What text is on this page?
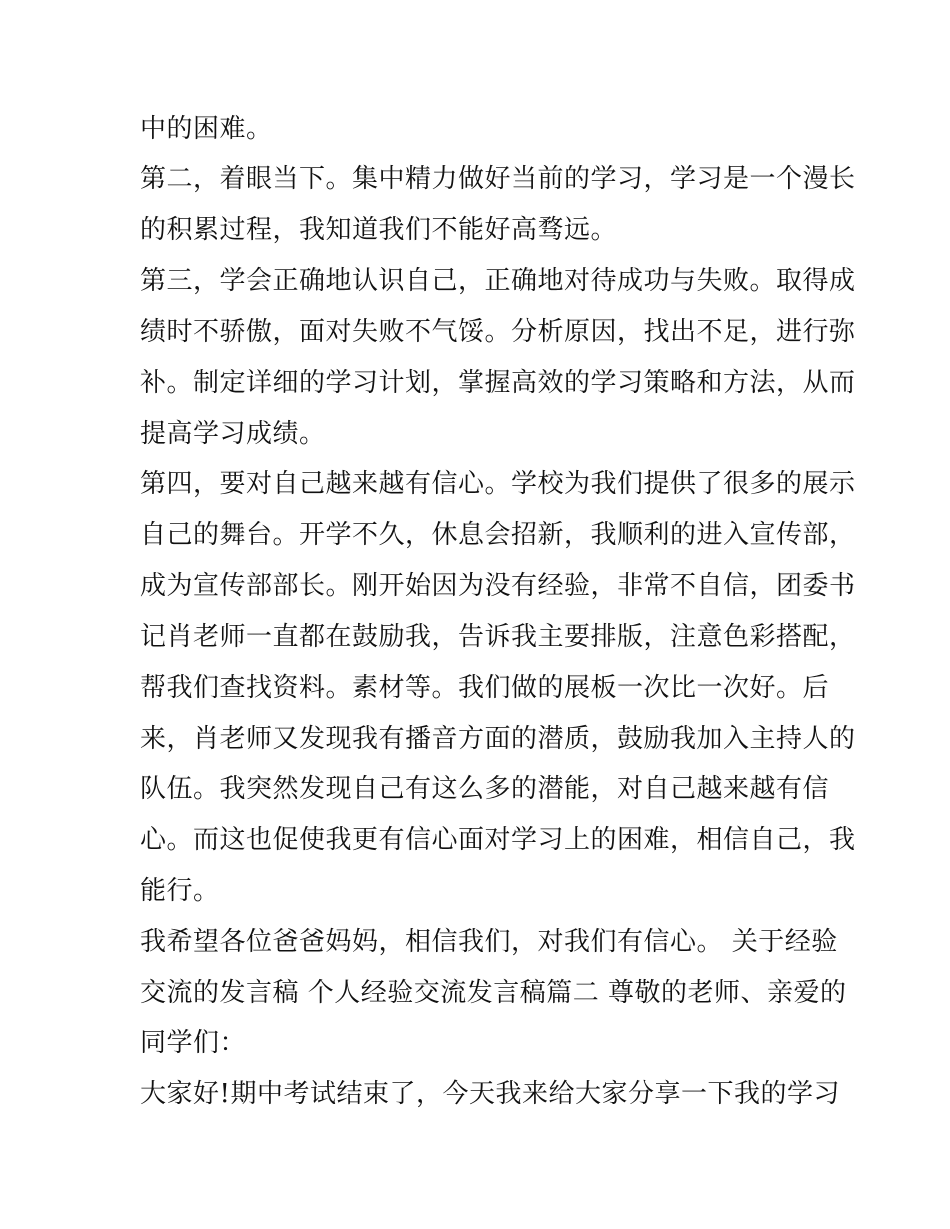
中的困难。
第二，着眼当下。集中精力做好当前的学习，学习是一个漫长
的积累过程，我知道我们不能好高骛远。
第三，学会正确地认识自己，正确地对待成功与失败。取得成
绩时不骄傲，面对失败不气馁。分析原因，找出不足，进行弥
补。制定详细的学习计划，掌握高效的学习策略和方法，从而
提高学习成绩。
第四，要对自己越来越有信心。学校为我们提供了很多的展示
自己的舞台。开学不久，休息会招新，我顺利的进入宣传部，
成为宣传部部长。刚开始因为没有经验，非常不自信，团委书
记肖老师一直都在鼓励我，告诉我主要排版，注意色彩搭配，
帮我们查找资料。素材等。我们做的展板一次比一次好。后
来，肖老师又发现我有播音方面的潜质，鼓励我加入主持人的
队伍。我突然发现自己有这么多的潜能，对自己越来越有信
心。而这也促使我更有信心面对学习上的困难，相信自己，我
能行。
我希望各位爸爸妈妈，相信我们，对我们有信心。 关于经验
交流的发言稿 个人经验交流发言稿篇二 尊敬的老师、亲爱的
同学们：
大家好!期中考试结束了，今天我来给大家分享一下我的学习
